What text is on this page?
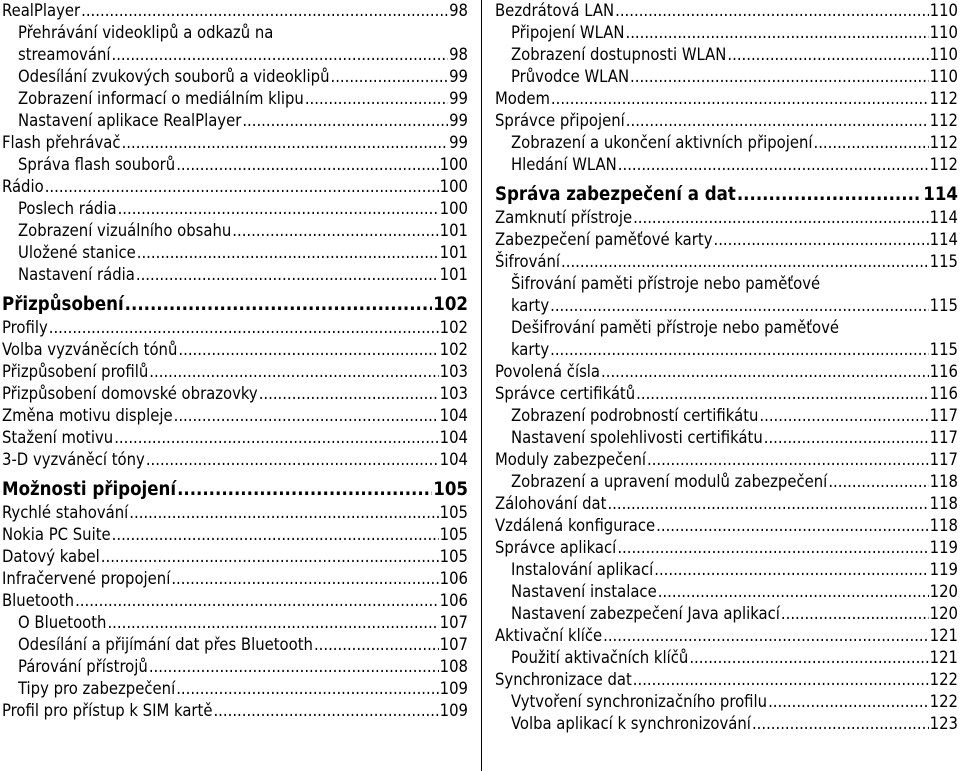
RealPlayer .....	98
Přehrávání videoklipů a odkazů na
streamování .....	98
Odesílání zvukových souborů a videoklipů .....	99
Zobrazení informací o mediálním klipu .....	99
Nastavení aplikace RealPlayer .....	99
Flash přehrávač .....	99
Správa flash souborů .....	100
Rádio .....	100
Poslech rádia .....	100
Zobrazení vizuálního obsahu .....	101
Uložené stanice .....	101
Nastavení rádia .....	101
Přizpůsobení .....	102
Profily .....	102
Volba vyzváněcích tónů .....	102
Přizpůsobení profilů .....	103
Přizpůsobení domovské obrazovky .....	103
Změna motivu displeje .....	104
Stažení motivu .....	104
3-D vyzváněcí tóny .....	104
Možnosti připojení .....	105
Rychlé stahování .....	105
Nokia PC Suite .....	105
Datový kabel .....	105
Infračervené propojení .....	106
Bluetooth .....	106
O Bluetooth .....	107
Odesílání a přijímání dat přes Bluetooth .....	107
Párování přístrojů .....	108
Tipy pro zabezpečení .....	109
Profil pro přístup k SIM kartě .....	109
Bezdrátová LAN .....	110
Připojení WLAN .....	110
Zobrazení dostupnosti WLAN .....	110
Průvodce WLAN .....	110
Modem .....	112
Správce připojení .....	112
Zobrazení a ukončení aktivních připojení .....	112
Hledání WLAN .....	112
Správa zabezpečení a dat .....	114
Zamknutí přístroje .....	114
Zabezpečení paměťové karty .....	114
Šifrování .....	115
Šifrování paměti přístroje nebo paměťové
karty .....	115
Dešifrování paměti přístroje nebo paměťové
karty .....	115
Povolená čísla .....	116
Správce certifikátů .....	116
Zobrazení podrobností certifikátu .....	117
Nastavení spolehlivosti certifikátu .....	117
Moduly zabezpečení .....	117
Zobrazení a upravení modulů zabezpečení .....	118
Zálohování dat .....	118
Vzdálená konfigurace .....	118
Správce aplikací .....	119
Instalování aplikací .....	119
Nastavení instalace .....	120
Nastavení zabezpečení Java aplikací .....	120
Aktivační klíče .....	121
Použití aktivačních klíčů .....	121
Synchronizace dat .....	122
Vytvoření synchronizačního profilu .....	122
Volba aplikací k synchronizování .....	123
